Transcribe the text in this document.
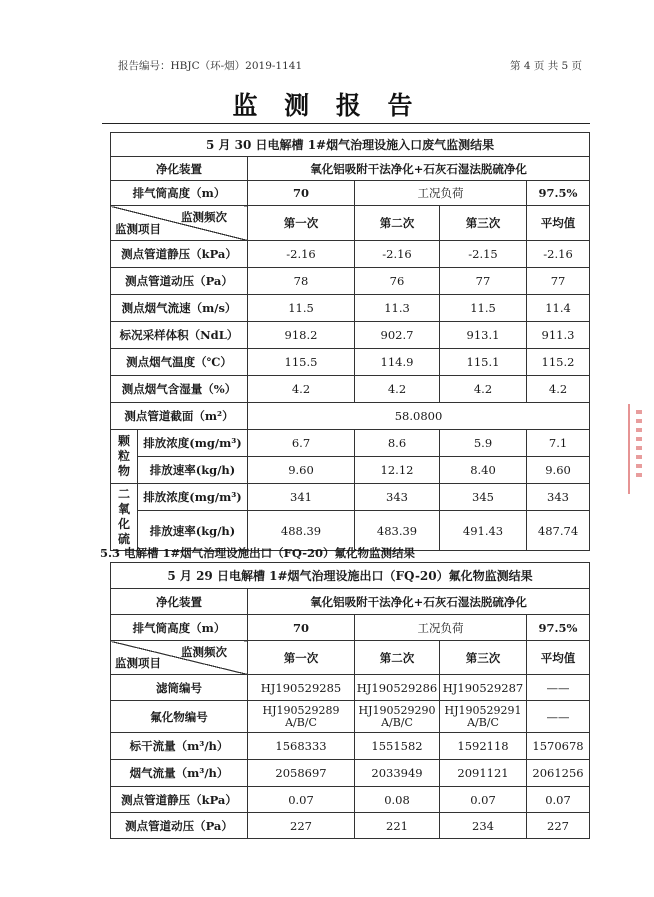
报告编号：HBJC（环-烟）2019-1141	第 4 页 共 5 页
监 测 报 告
5 月 30 日电解槽 1#烟气治理设施入口废气监测结果					
净化装置		氧化铝吸附干法净化+石灰石湿法脱硫净化			
排气筒高度（m）		70	工况负荷		97.5%

监测频次
监测项目		第一次	第二次	第三次	平均值
测点管道静压（kPa）		-2.16	-2.16	-2.15	-2.16
测点管道动压（Pa）		78	76	77	77
测点烟气流速（m/s）		11.5	11.3	11.5	11.4
标况采样体积（NdL）		918.2	902.7	913.1	911.3
测点烟气温度（℃）		115.5	114.9	115.1	115.2
测点烟气含湿量（%）		4.2	4.2	4.2	4.2
测点管道截面（m²）		58.0800			

颗
粒
物	排放浓度(mg/m³)	6.7	8.6	5.9	7.1
	排放速率(kg/h)	9.60	12.12	8.40	9.60

二
氧
化
硫	排放浓度(mg/m³)	341	343	345	343
	排放速率(kg/h)	488.39	483.39	491.43	487.74
5.3 电解槽 1#烟气治理设施出口（FQ-20）氟化物监测结果
5 月 29 日电解槽 1#烟气治理设施出口（FQ-20）氟化物监测结果				
净化装置	氧化铝吸附干法净化+石灰石湿法脱硫净化			
排气筒高度（m）	70	工况负荷		97.5%

监测频次
监测项目	第一次	第二次	第三次	平均值
滤筒编号	HJ190529285	HJ190529286	HJ190529287	——
氟化物编号	HJ190529289
A/B/C	HJ190529290
A/B/C	HJ190529291
A/B/C	——
标干流量（m³/h）	1568333	1551582	1592118	1570678
烟气流量（m³/h）	2058697	2033949	2091121	2061256
测点管道静压（kPa）	0.07	0.08	0.07	0.07
测点管道动压（Pa）	227	221	234	227
